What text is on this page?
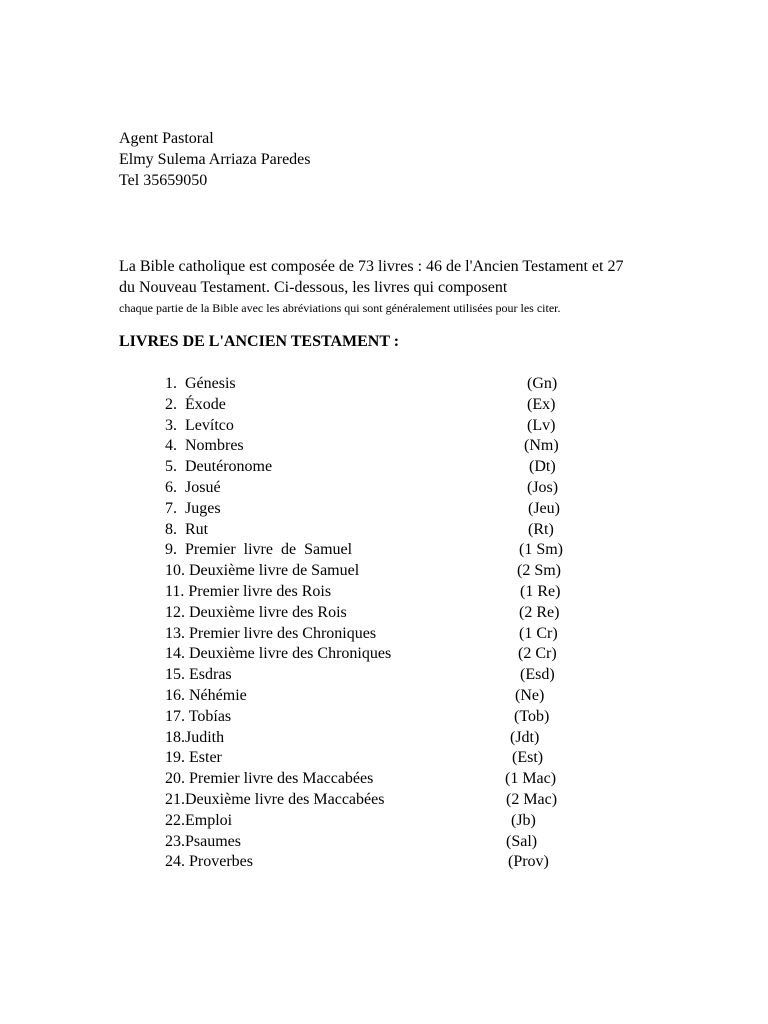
Agent Pastoral
Elmy Sulema Arriaza Paredes
Tel 35659050
La Bible catholique est composée de 73 livres : 46 de l'Ancien Testament et 27
du Nouveau Testament. Ci-dessous, les livres qui composent
chaque partie de la Bible avec les abréviations qui sont généralement utilisées pour les citer.
LIVRES DE L'ANCIEN TESTAMENT :
1.  Génesis	(Gn)
2.  Éxode	(Ex)
3.  Levítco	(Lv)
4.  Nombres	(Nm)
5.  Deutéronome	(Dt)
6.  Josué	(Jos)
7.  Juges	(Jeu)
8.  Rut	(Rt)
9.  Premier  livre  de  Samuel	(1 Sm)
10. Deuxième livre de Samuel	(2 Sm)
11. Premier livre des Rois	(1 Re)
12. Deuxième livre des Rois	(2 Re)
13. Premier livre des Chroniques	(1 Cr)
14. Deuxième livre des Chroniques	(2 Cr)
15. Esdras	(Esd)
16. Néhémie	(Ne)
17. Tobías	(Tob)
18.Judith	(Jdt)
19. Ester	(Est)
20. Premier livre des Maccabées	(1 Mac)
21.Deuxième livre des Maccabées	(2 Mac)
22.Emploi	(Jb)
23.Psaumes	(Sal)
24. Proverbes	(Prov)
